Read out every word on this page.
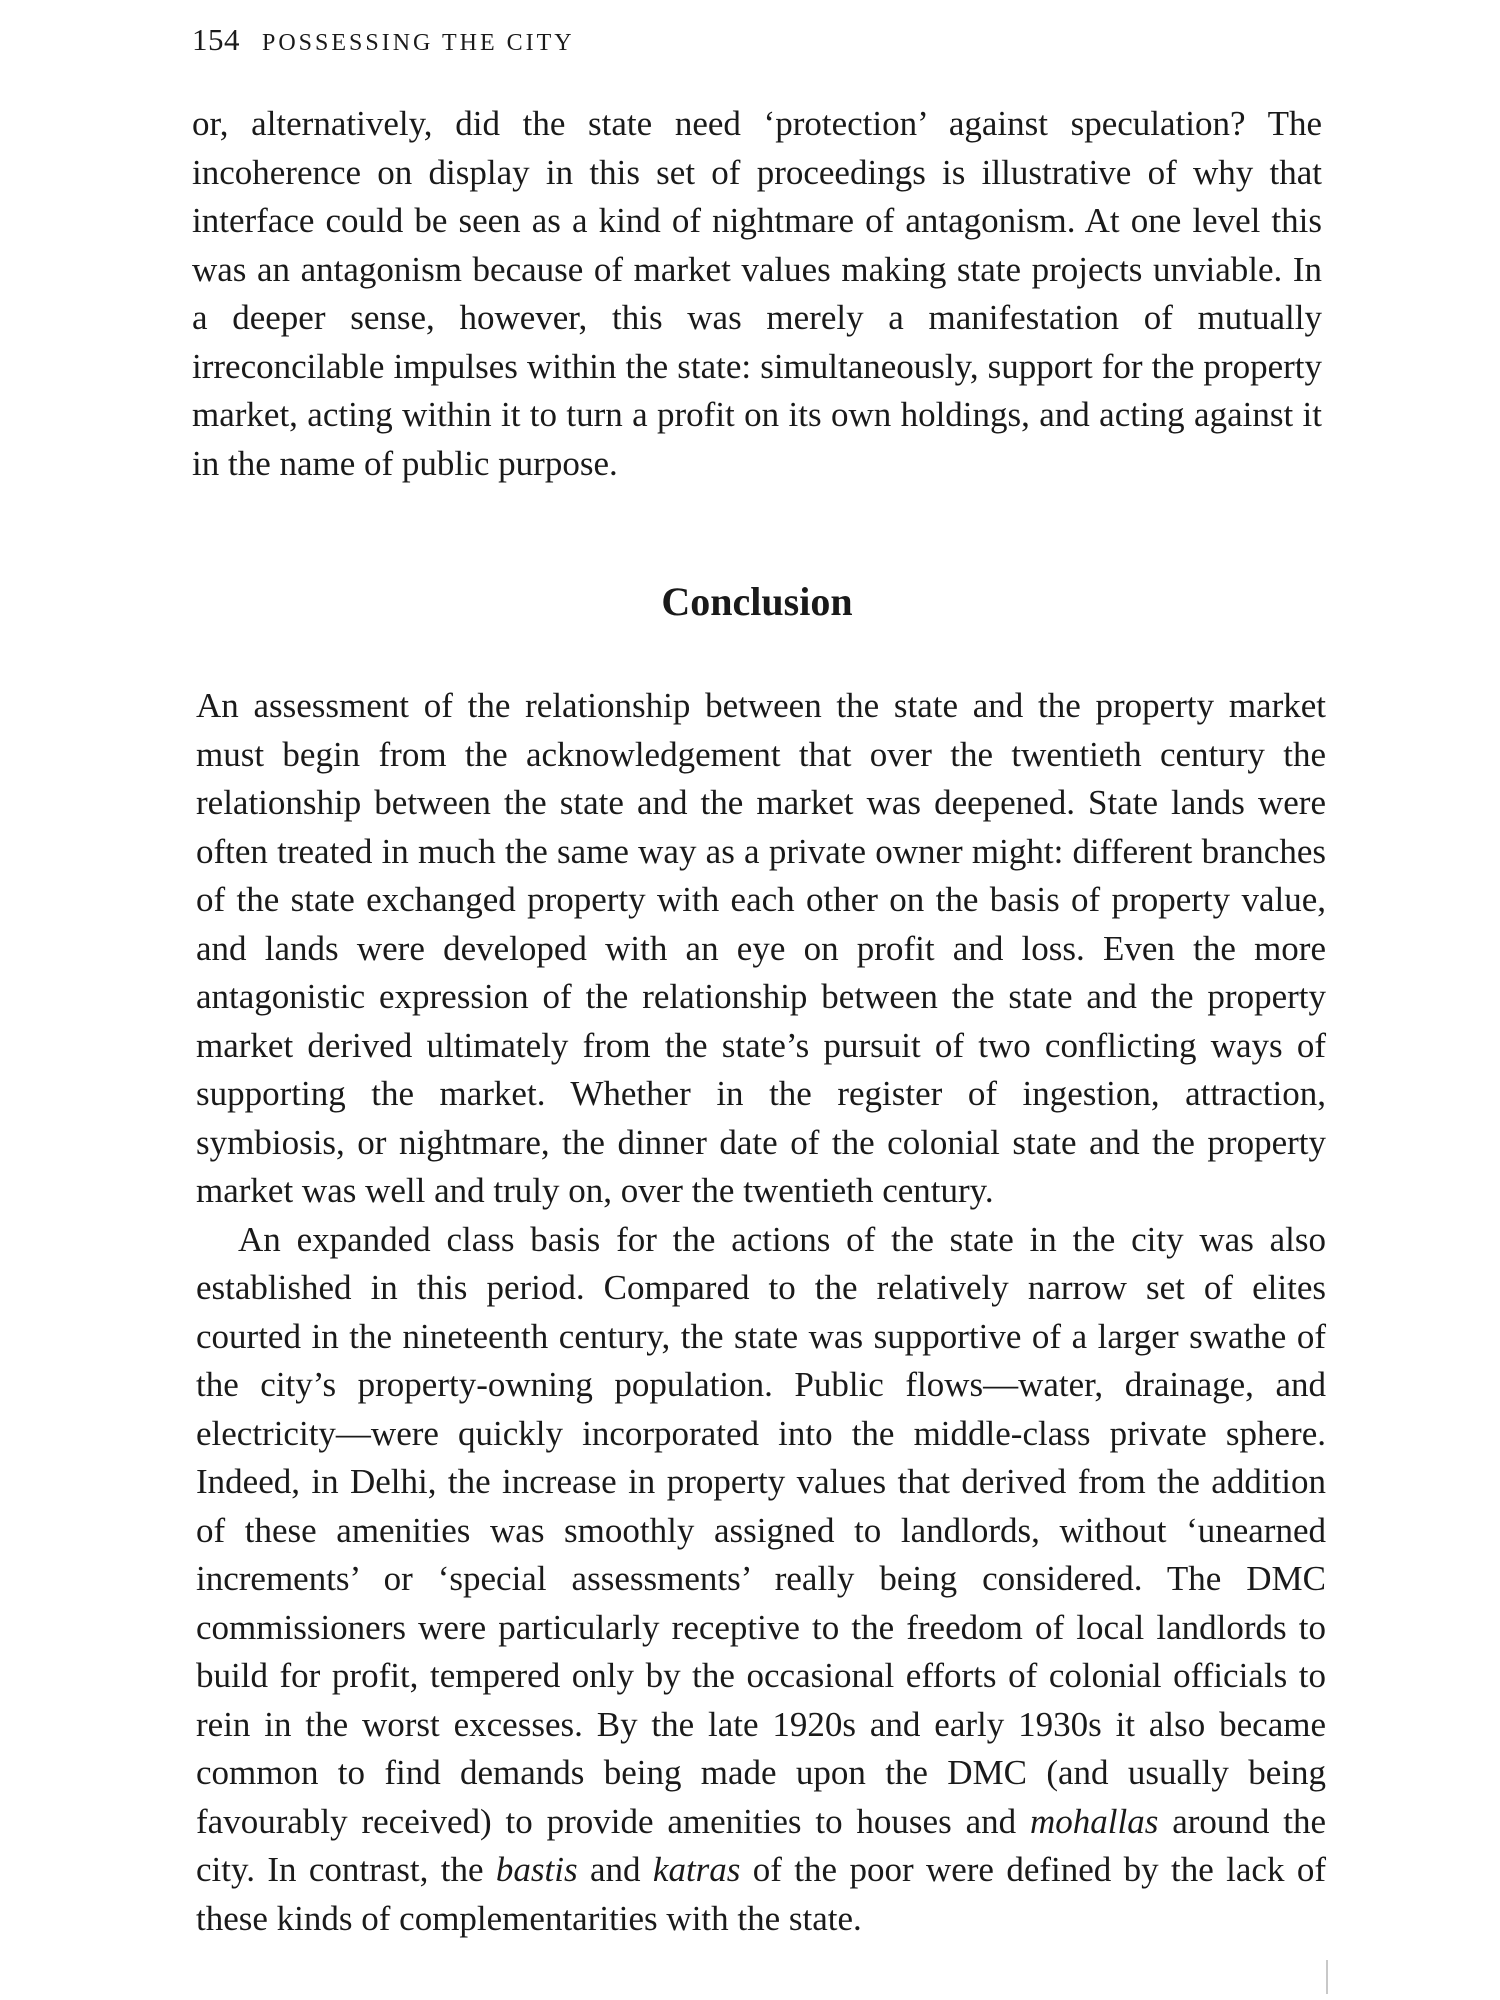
154 POSSESSING THE CITY

or, alternatively, did the state need ‘protection’ against speculation? The incoherence on display in this set of proceedings is illustrative of why that interface could be seen as a kind of nightmare of antagonism. At one level this was an antagonism because of market values making state projects unviable. In a deeper sense, however, this was merely a manifestation of mutually irreconcilable impulses within the state: simultaneously, support for the property market, acting within it to turn a profit on its own holdings, and acting against it in the name of public purpose.

Conclusion

An assessment of the relationship between the state and the property market must begin from the acknowledgement that over the twentieth century the relationship between the state and the market was deepened. State lands were often treated in much the same way as a private owner might: different branches of the state exchanged property with each other on the basis of property value, and lands were developed with an eye on profit and loss. Even the more antagonistic expression of the relationship between the state and the property market derived ultimately from the state’s pursuit of two conflicting ways of supporting the market. Whether in the register of ingestion, attraction, symbiosis, or nightmare, the dinner date of the colonial state and the property market was well and truly on, over the twentieth century.

An expanded class basis for the actions of the state in the city was also established in this period. Compared to the relatively narrow set of elites courted in the nineteenth century, the state was supportive of a larger swathe of the city’s property-owning population. Public flows—water, drainage, and electricity—were quickly incorporated into the middle-class private sphere. Indeed, in Delhi, the increase in property values that derived from the addition of these amenities was smoothly assigned to landlords, without ‘unearned increments’ or ‘special assessments’ really being considered. The DMC commissioners were particularly receptive to the freedom of local landlords to build for profit, tempered only by the occasional efforts of colonial officials to rein in the worst excesses. By the late 1920s and early 1930s it also became common to find demands being made upon the DMC (and usually being favourably received) to provide amenities to houses and mohallas around the city. In contrast, the bastis and katras of the poor were defined by the lack of these kinds of complementarities with the state.
